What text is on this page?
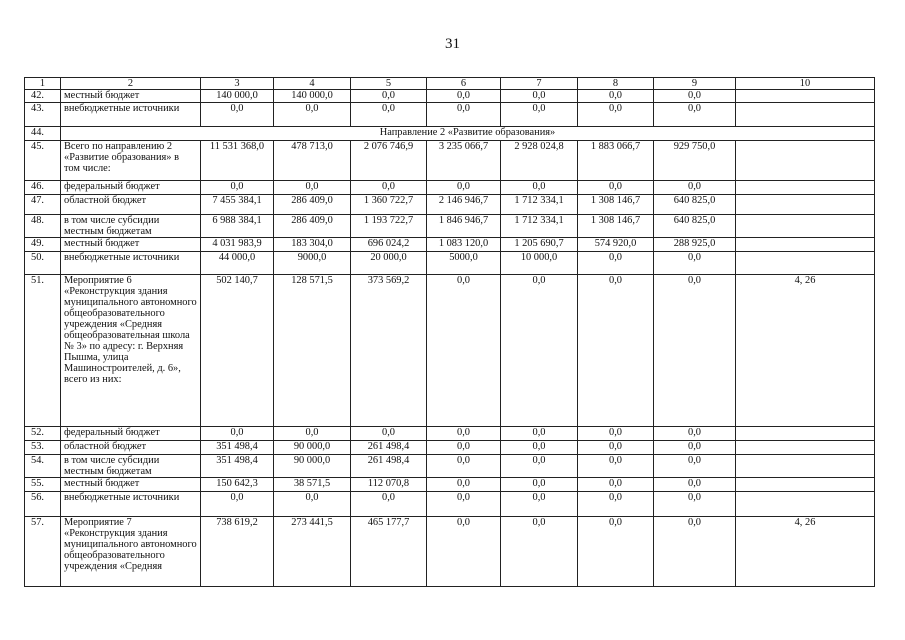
31
1	2	3	4	5	6	7	8	9	10
42.	местный бюджет	140 000,0	140 000,0	0,0	0,0	0,0	0,0	0,0	
43.	внебюджетные источники	0,0	0,0	0,0	0,0	0,0	0,0	0,0	
44.	Направление 2 «Развитие образования»								
45.	Всего по направлению 2 «Развитие образования» в том числе:	11 531 368,0	478 713,0	2 076 746,9	3 235 066,7	2 928 024,8	1 883 066,7	929 750,0	
46.	федеральный бюджет	0,0	0,0	0,0	0,0	0,0	0,0	0,0	
47.	областной бюджет	7 455 384,1	286 409,0	1 360 722,7	2 146 946,7	1 712 334,1	1 308 146,7	640 825,0	
48.	в том числе субсидии местным бюджетам	6 988 384,1	286 409,0	1 193 722,7	1 846 946,7	1 712 334,1	1 308 146,7	640 825,0	
49.	местный бюджет	4 031 983,9	183 304,0	696 024,2	1 083 120,0	1 205 690,7	574 920,0	288 925,0	
50.	внебюджетные источники	44 000,0	9000,0	20 000,0	5000,0	10 000,0	0,0	0,0	
51.	Мероприятие 6 «Реконструкция здания муниципального автономного общеобразовательного учреждения «Средняя общеобразовательная школа № 3» по адресу: г. Верхняя Пышма, улица Машиностроителей, д. 6», всего из них:	502 140,7	128 571,5	373 569,2	0,0	0,0	0,0	0,0	4, 26
52.	федеральный бюджет	0,0	0,0	0,0	0,0	0,0	0,0	0,0	
53.	областной бюджет	351 498,4	90 000,0	261 498,4	0,0	0,0	0,0	0,0	
54.	в том числе субсидии местным бюджетам	351 498,4	90 000,0	261 498,4	0,0	0,0	0,0	0,0	
55.	местный бюджет	150 642,3	38 571,5	112 070,8	0,0	0,0	0,0	0,0	
56.	внебюджетные источники	0,0	0,0	0,0	0,0	0,0	0,0	0,0	
57.	Мероприятие 7 «Реконструкция здания муниципального автономного общеобразовательного учреждения «Средняя	738 619,2	273 441,5	465 177,7	0,0	0,0	0,0	0,0	4, 26
